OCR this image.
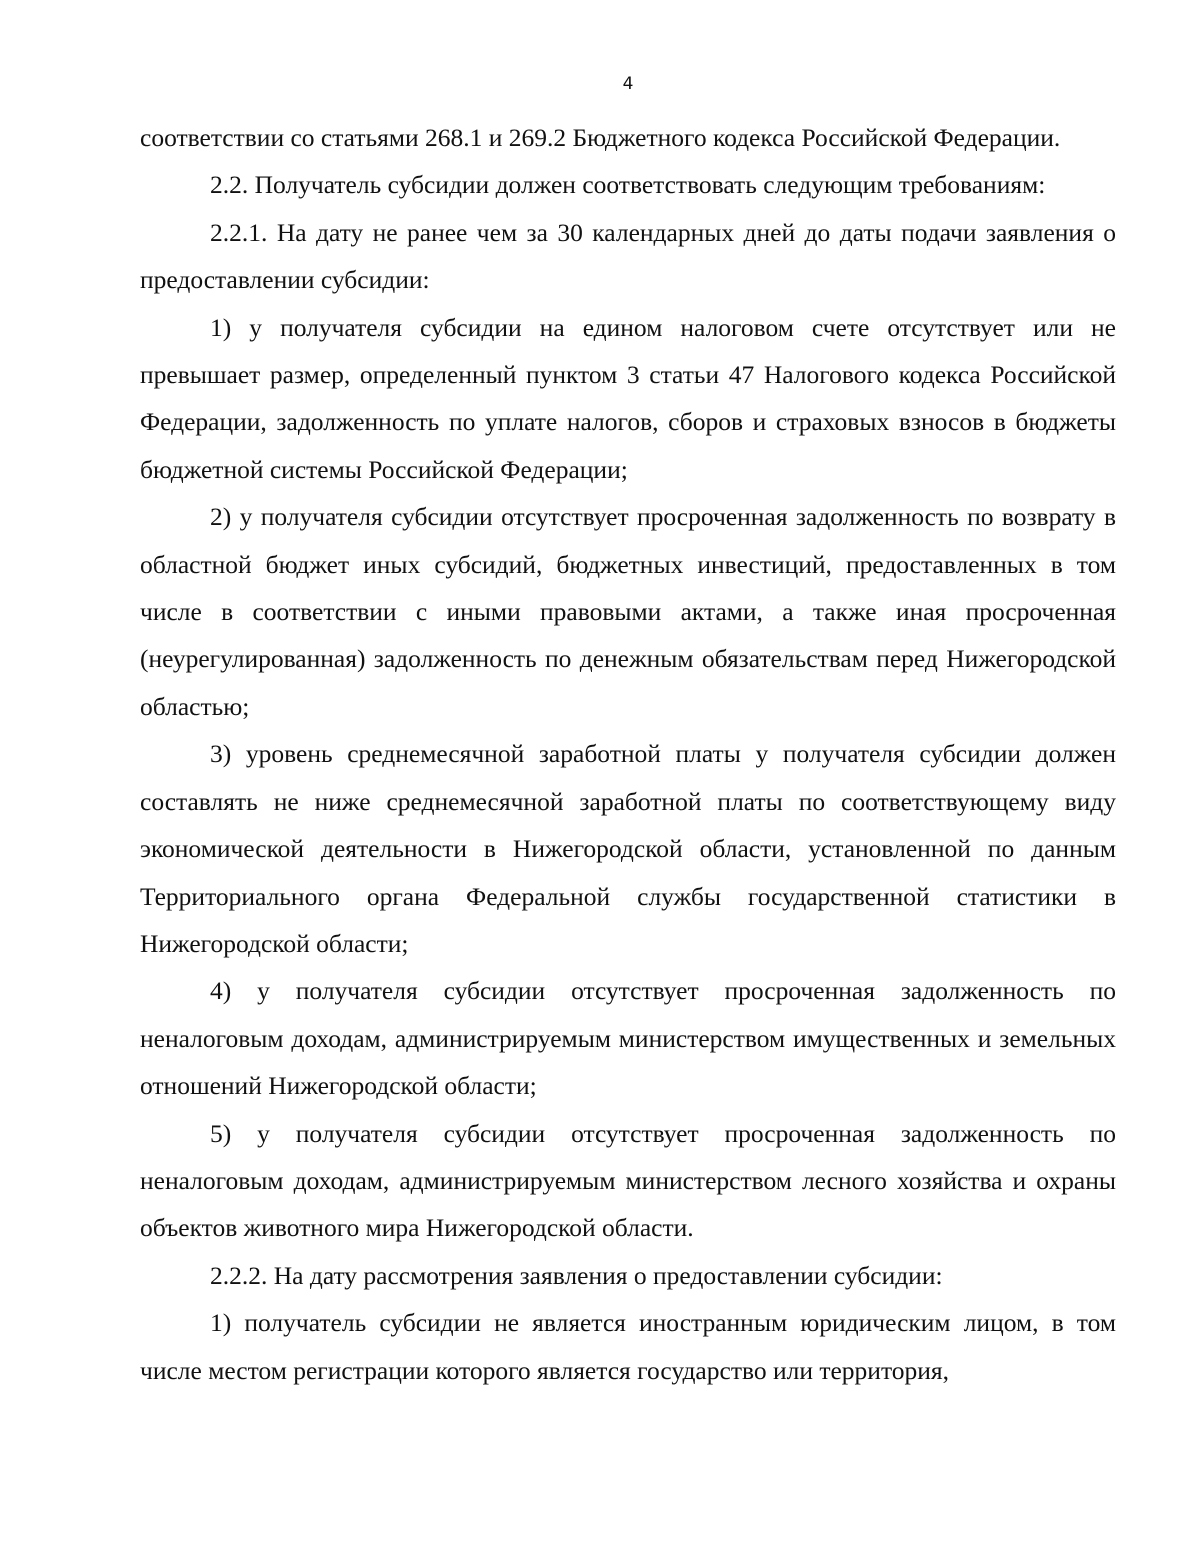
4

соответствии со статьями 268.1 и 269.2 Бюджетного кодекса Российской Федерации.

2.2. Получатель субсидии должен соответствовать следующим требованиям:

2.2.1. На дату не ранее чем за 30 календарных дней до даты подачи заявления о предоставлении субсидии:

1) у получателя субсидии на едином налоговом счете отсутствует или не превышает размер, определенный пунктом 3 статьи 47 Налогового кодекса Российской Федерации, задолженность по уплате налогов, сборов и страховых взносов в бюджеты бюджетной системы Российской Федерации;

2) у получателя субсидии отсутствует просроченная задолженность по возврату в областной бюджет иных субсидий, бюджетных инвестиций, предоставленных в том числе в соответствии с иными правовыми актами, а также иная просроченная (неурегулированная) задолженность по денежным обязательствам перед Нижегородской областью;

3) уровень среднемесячной заработной платы у получателя субсидии должен составлять не ниже среднемесячной заработной платы по соответствующему виду экономической деятельности в Нижегородской области, установленной по данным Территориального органа Федеральной службы государственной статистики в Нижегородской области;

4) у получателя субсидии отсутствует просроченная задолженность по неналоговым доходам, администрируемым министерством имущественных и земельных отношений Нижегородской области;

5) у получателя субсидии отсутствует просроченная задолженность по неналоговым доходам, администрируемым министерством лесного хозяйства и охраны объектов животного мира Нижегородской области.

2.2.2. На дату рассмотрения заявления о предоставлении субсидии:

1) получатель субсидии не является иностранным юридическим лицом, в том числе местом регистрации которого является государство или территория,
